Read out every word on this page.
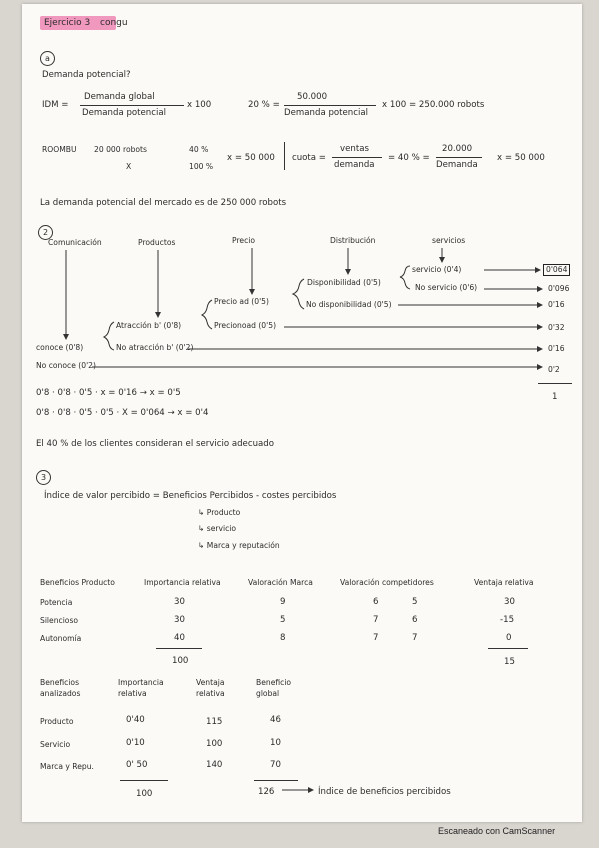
Ejercicio 3 congu
a
Demanda potencial?
IDM =
Demanda global
Demanda potencial
x 100	20 % =
50.000
Demanda potencial
x 100 = 250.000 robots
ROOMBU 20 000 robots	40 %
X	100 %
x = 50 000 cuota =
ventas
demanda
= 40 % =
20.000
Demanda
x = 50 000
La demanda potencial del mercado es de 250 000 robots
2
Comunicación	Productos	Precio	Distribución	servicios
servicio (0'4)
No servicio (0'6)
Disponibilidad (0'5)
No disponibilidad (0'5)
Precio ad (0'5)
Precionoad (0'5)
Atracción b' (0'8)
No atracción b' (0'2)
conoce (0'8)
No conoce (0'2)
0'064
0'096
0'16
0'32
0'16
0'2
1
0'8 · 0'8 · 0'5 · x = 0'16 → x = 0'5
0'8 · 0'8 · 0'5 · 0'5 · X = 0'064 → x = 0'4
El 40 % de los clientes consideran el servicio adecuado
3
Índice de valor percibido = Beneficios Percibidos - costes percibidos
↳ Producto
↳ servicio
↳ Marca y reputación
Beneficios Producto	Importancia relativa	Valoración Marca	Valoración competidores	Ventaja relativa
Potencia	30	9	6	5	30
Silencioso	30	5	7	6	-15
Autonomía	40	8	7	7	0
100	15
Beneficios analizados
Importancia relativa
Ventaja relativa
Beneficio global
Producto	0'40	115	46
Servicio	0'10	100	10
Marca y Repu.	0' 50	140	70
100	126	Índice de beneficios percibidos
Escaneado con CamScanner
